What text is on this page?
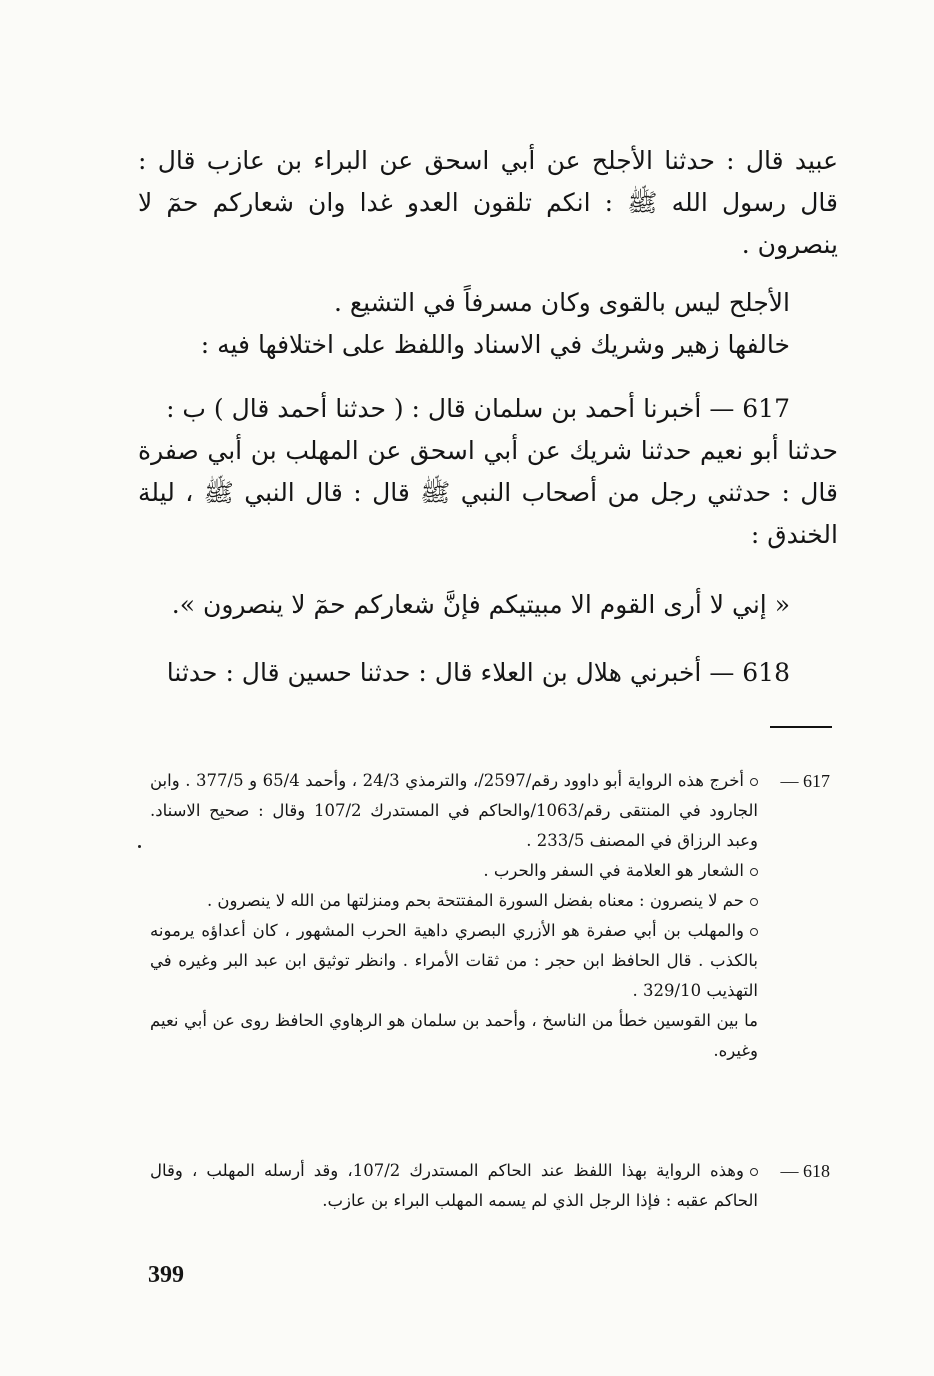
عبيد قال : حدثنا الأجلح عن أبي اسحق عن البراء بن عازب قال : قال رسول الله ﷺ : انكم تلقون العدو غدا وان شعاركم حمٓ لا ينصرون .

الأجلح ليس بالقوى وكان مسرفاً في التشيع .

خالفها زهير وشريك في الاسناد واللفظ على اختلافها فيه :

617 — أخبرنا أحمد بن سلمان قال : ( حدثنا أحمد قال ) ب :

حدثنا أبو نعيم حدثنا شريك عن أبي اسحق عن المهلب بن أبي صفرة قال : حدثني رجل من أصحاب النبي ﷺ قال : قال النبي ﷺ ، ليلة الخندق :

« إني لا أرى القوم الا مبيتيكم فإنَّ شعاركم حمٓ لا ينصرون ».

618 — أخبرني هلال بن العلاء قال : حدثنا حسين قال : حدثنا

617 —
أخرج هذه الرواية أبو داوود رقم/2597/، والترمذي 24/3 ، وأحمد 65/4 و 377/5 . وابن الجارود في المنتقى رقم/1063/والحاكم في المستدرك 107/2 وقال : صحيح الاسناد. وعبد الرزاق في المصنف 233/5 .
الشعار هو العلامة في السفر والحرب .
حم لا ينصرون : معناه بفضل السورة المفتتحة بحم ومنزلتها من الله لا ينصرون .
والمهلب بن أبي صفرة هو الأزري البصري داهية الحرب المشهور ، كان أعداؤه يرمونه بالكذب . قال الحافظ ابن حجر : من ثقات الأمراء . وانظر توثيق ابن عبد البر وغيره في التهذيب 329/10 .
ما بين القوسين خطأ من الناسخ ، وأحمد بن سلمان هو الرهاوي الحافظ روى عن أبي نعيم وغيره.
618 —
وهذه الرواية بهذا اللفظ عند الحاكم المستدرك 107/2، وقد أرسله المهلب ، وقال الحاكم عقبه : فإذا الرجل الذي لم يسمه المهلب البراء بن عازب.
399
